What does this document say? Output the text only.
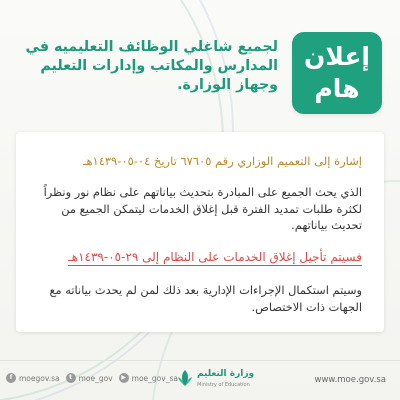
إعلان
هام
لجميع شاغلي الوظائف التعليميه في
المدارس والمكاتب وإدارات التعليم
وجهاز الوزارة.
إشارة إلى التعميم الوزاري رقم ٦٧٦٠٥ تاريخ ٠٤-٠٥-١٤٣٩هـ
الذي يحث الجميع على المبادرة بتحديث بياناتهم على نظام نور ونظراً
لكثرة طلبات تمديد الفترة قبل إغلاق الخدمات ليتمكن الجميع من
تحديث بياناتهم.
فسيتم تأجيل إغلاق الخدمات على النظام إلى ٢٩-٠٥-١٤٣٩هـ
وسيتم استكمال الإجراءات الإدارية بعد ذلك لمن لم يحدث بياناته مع
الجهات ذات الاختصاص.
www.moe.gov.sa
وزارة التعليم
Ministry of Education
f moegov.sa	t moe_gov	▶ moe_gov_sa
